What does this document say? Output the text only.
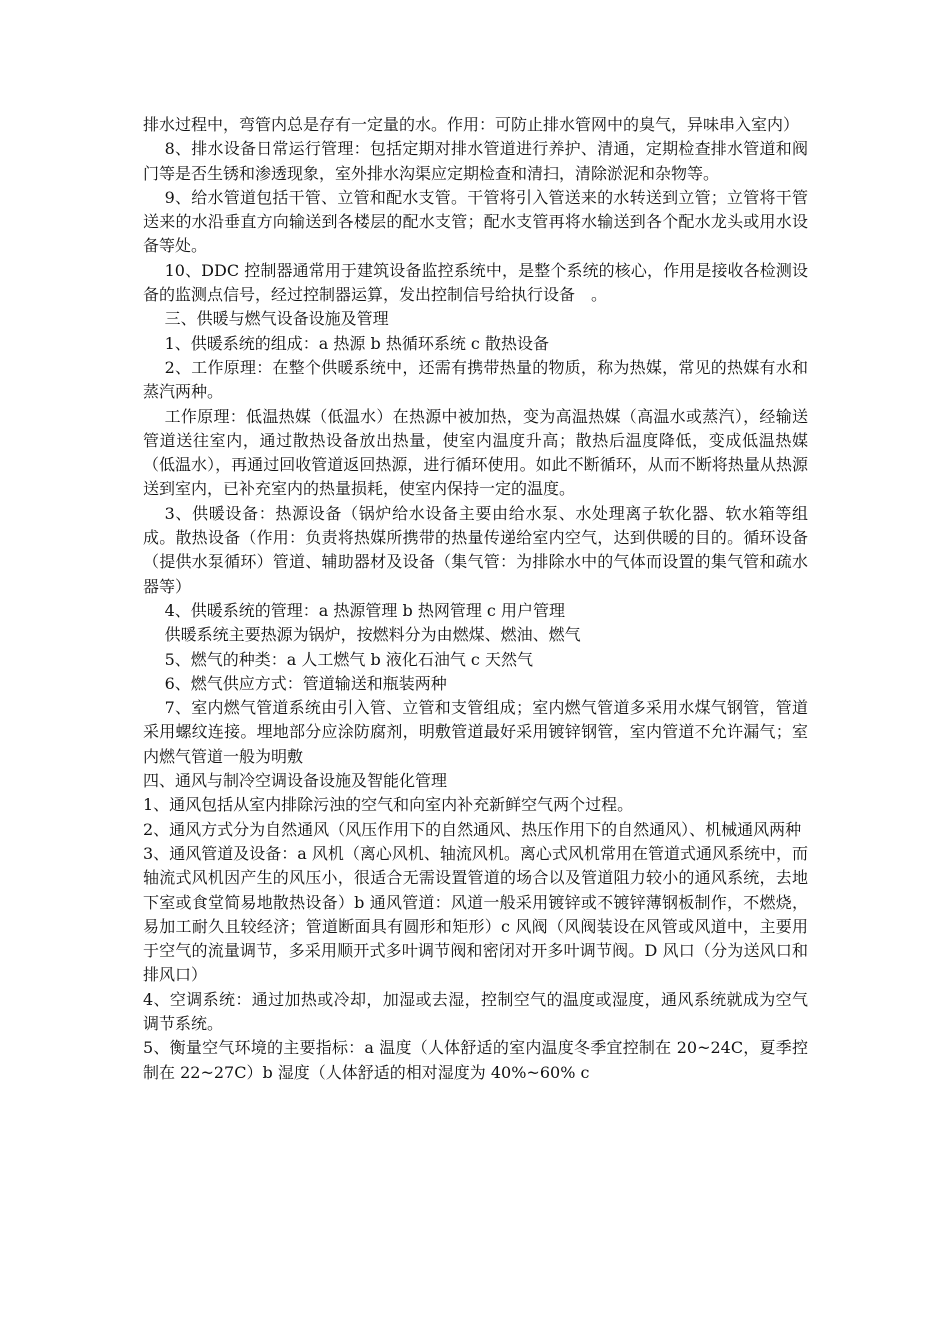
排水过程中，弯管内总是存有一定量的水。作用：可防止排水管网中的臭气，异味串入室内）

8、排水设备日常运行管理：包括定期对排水管道进行养护、清通，定期检查排水管道和阀门等是否生锈和渗透现象，室外排水沟渠应定期检查和清扫，清除淤泥和杂物等。

9、给水管道包括干管、立管和配水支管。干管将引入管送来的水转送到立管；立管将干管送来的水沿垂直方向输送到各楼层的配水支管；配水支管再将水输送到各个配水龙头或用水设备等处。

10、DDC 控制器通常用于建筑设备监控系统中，是整个系统的核心，作用是接收各检测设备的监测点信号，经过控制器运算，发出控制信号给执行设备　。

三、供暖与燃气设备设施及管理

1、供暖系统的组成：a 热源 b 热循环系统 c 散热设备

2、工作原理：在整个供暖系统中，还需有携带热量的物质，称为热媒，常见的热媒有水和蒸汽两种。

工作原理：低温热媒（低温水）在热源中被加热，变为高温热媒（高温水或蒸汽），经输送管道送往室内，通过散热设备放出热量，使室内温度升高；散热后温度降低，变成低温热媒（低温水），再通过回收管道返回热源，进行循环使用。如此不断循环，从而不断将热量从热源送到室内，已补充室内的热量损耗，使室内保持一定的温度。

3、供暖设备：热源设备（锅炉给水设备主要由给水泵、水处理离子软化器、软水箱等组成。散热设备（作用：负责将热媒所携带的热量传递给室内空气，达到供暖的目的。循环设备（提供水泵循环）管道、辅助器材及设备（集气管：为排除水中的气体而设置的集气管和疏水器等）

4、供暖系统的管理：a 热源管理 b 热网管理 c 用户管理

供暖系统主要热源为锅炉，按燃料分为由燃煤、燃油、燃气

5、燃气的种类：a 人工燃气 b 液化石油气 c 天然气

6、燃气供应方式：管道输送和瓶装两种

7、室内燃气管道系统由引入管、立管和支管组成；室内燃气管道多采用水煤气钢管，管道采用螺纹连接。埋地部分应涂防腐剂，明敷管道最好采用镀锌钢管，室内管道不允许漏气；室内燃气管道一般为明敷

四、通风与制冷空调设备设施及智能化管理

1、通风包括从室内排除污浊的空气和向室内补充新鲜空气两个过程。

2、通风方式分为自然通风（风压作用下的自然通风、热压作用下的自然通风）、机械通风两种

3、通风管道及设备：a 风机（离心风机、轴流风机。离心式风机常用在管道式通风系统中，而轴流式风机因产生的风压小，很适合无需设置管道的场合以及管道阻力较小的通风系统，去地下室或食堂简易地散热设备）b 通风管道：风道一般采用镀锌或不镀锌薄钢板制作，不燃烧，易加工耐久且较经济；管道断面具有圆形和矩形）c 风阀（风阀装设在风管或风道中，主要用于空气的流量调节，多采用顺开式多叶调节阀和密闭对开多叶调节阀。D 风口（分为送风口和排风口）

4、空调系统：通过加热或冷却，加湿或去湿，控制空气的温度或湿度，通风系统就成为空气调节系统。

5、衡量空气环境的主要指标：a 温度（人体舒适的室内温度冬季宜控制在 20~24C，夏季控制在 22~27C）b 湿度（人体舒适的相对湿度为 40%~60% c
